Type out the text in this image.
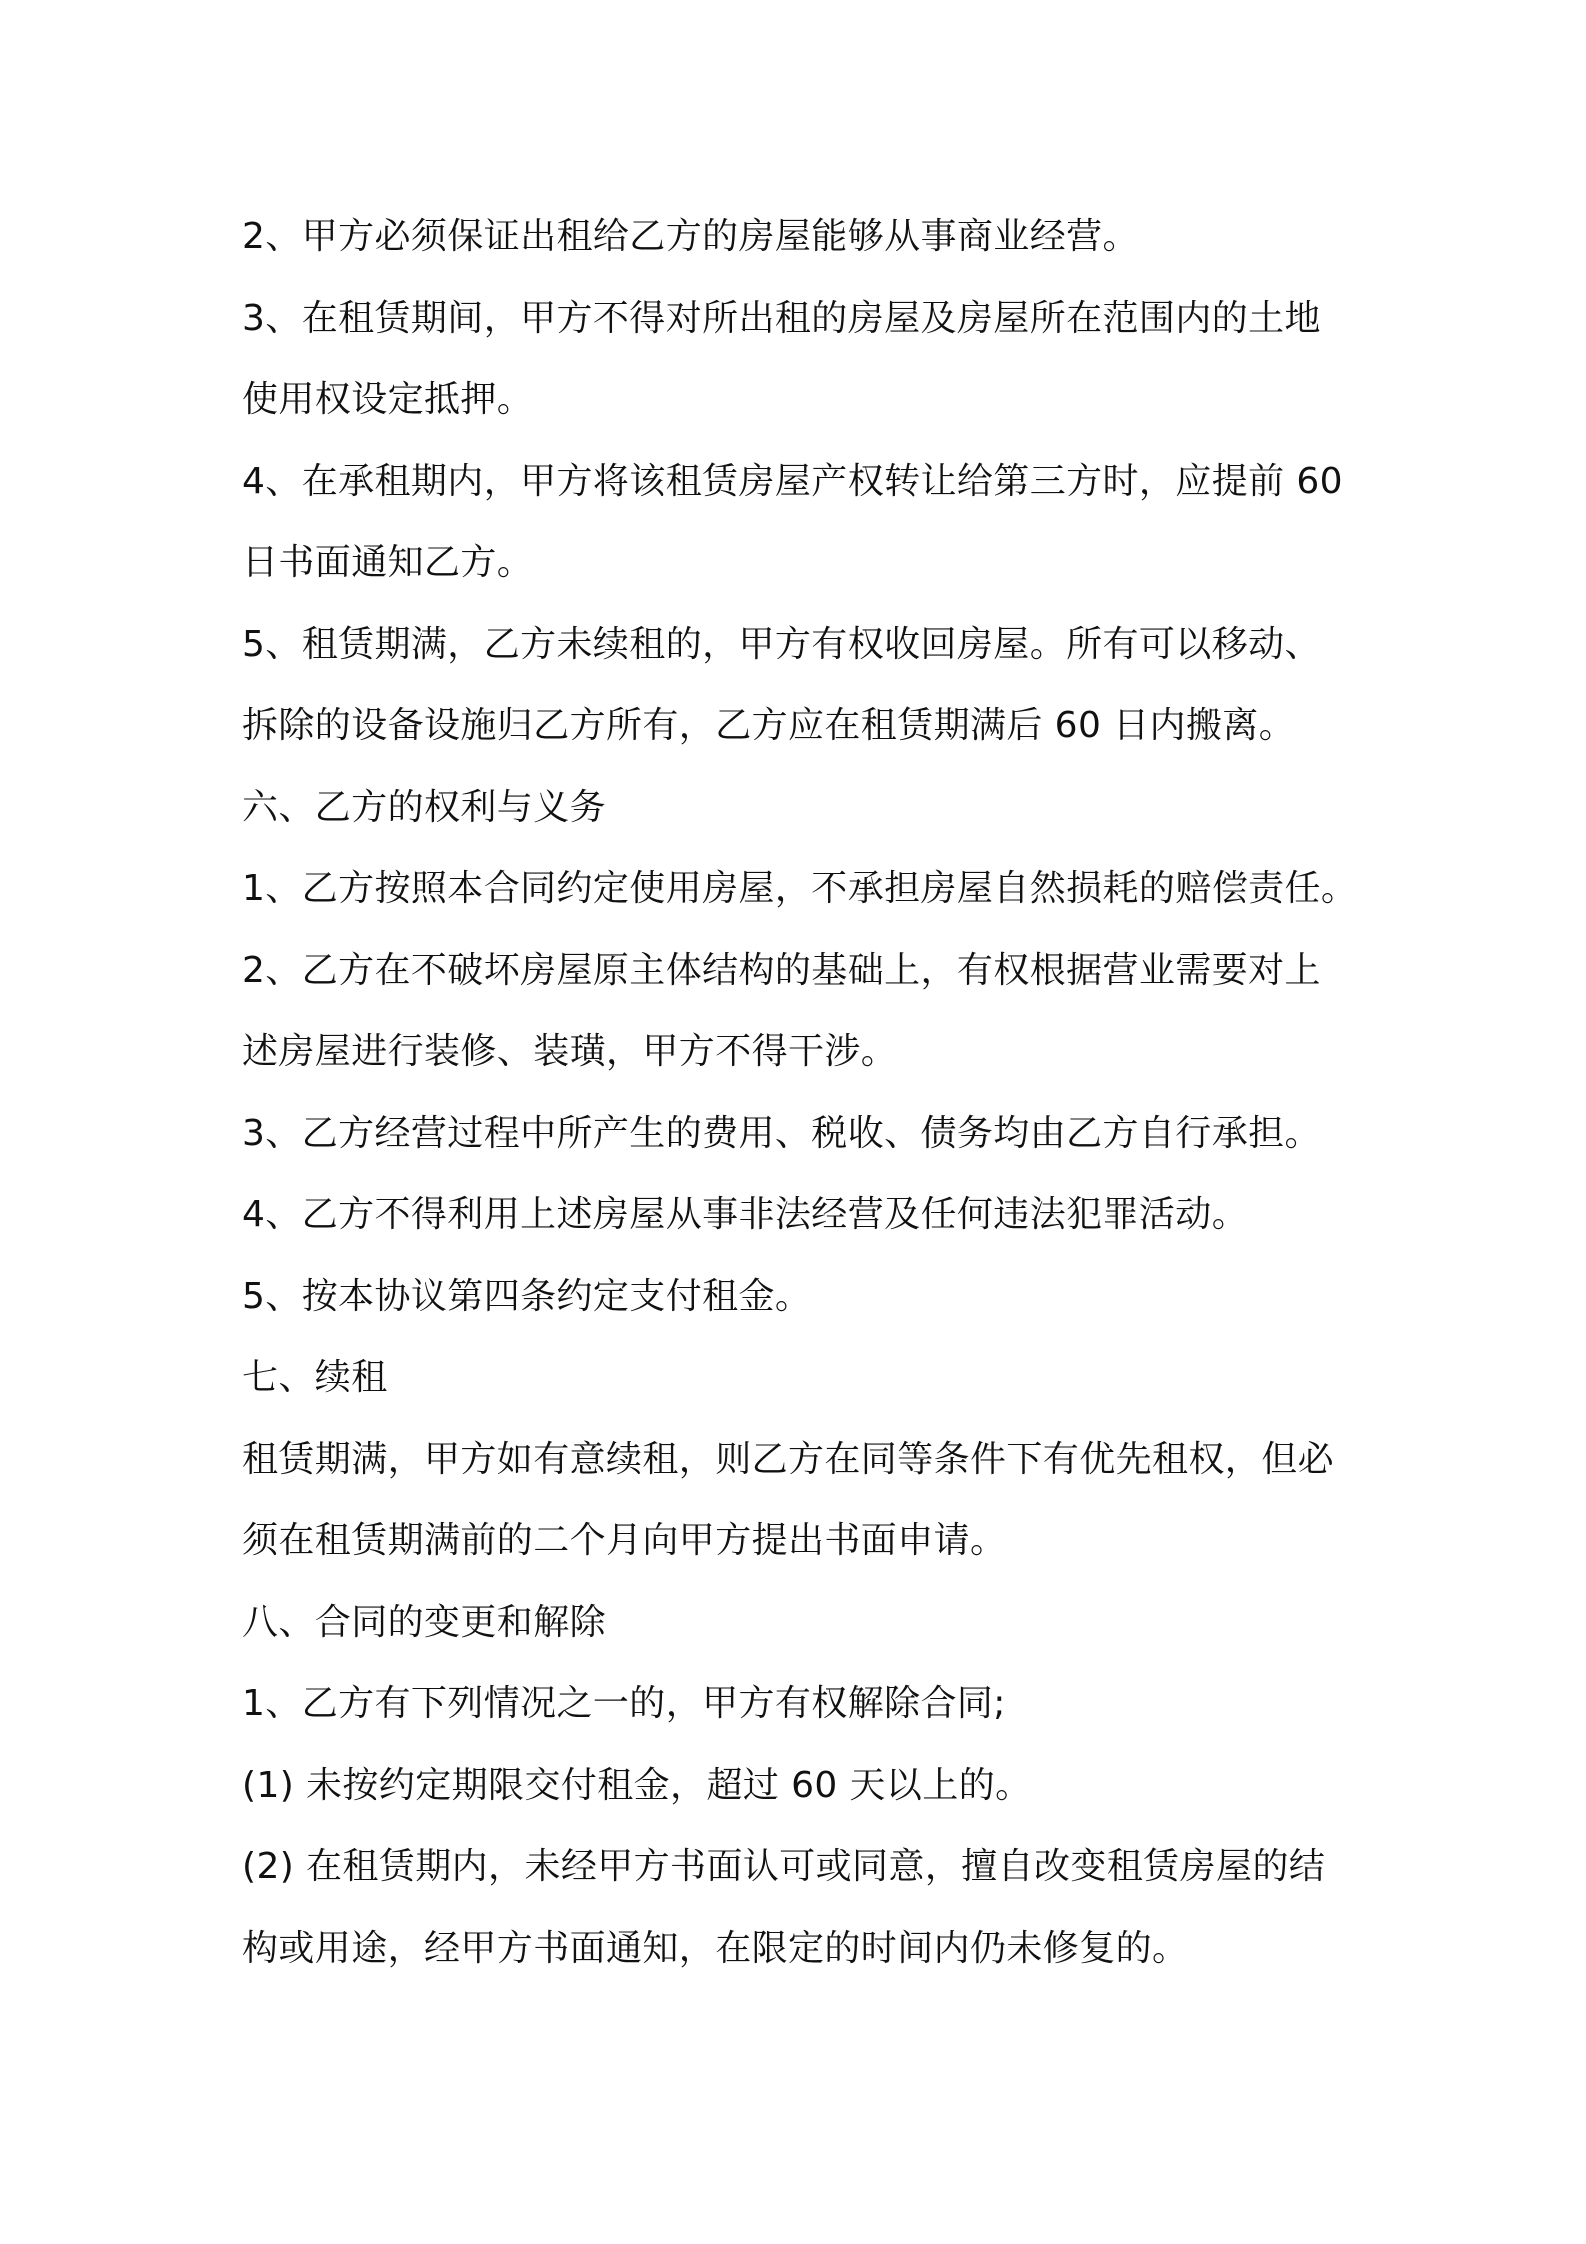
2、甲方必须保证出租给乙方的房屋能够从事商业经营。
3、在租赁期间，甲方不得对所出租的房屋及房屋所在范围内的土地
使用权设定抵押。
4、在承租期内，甲方将该租赁房屋产权转让给第三方时，应提前 60
日书面通知乙方。
5、租赁期满，乙方未续租的，甲方有权收回房屋。所有可以移动、
拆除的设备设施归乙方所有，乙方应在租赁期满后 60 日内搬离。
六、乙方的权利与义务
1、乙方按照本合同约定使用房屋，不承担房屋自然损耗的赔偿责任。
2、乙方在不破坏房屋原主体结构的基础上，有权根据营业需要对上
述房屋进行装修、装璜，甲方不得干涉。
3、乙方经营过程中所产生的费用、税收、债务均由乙方自行承担。
4、乙方不得利用上述房屋从事非法经营及任何违法犯罪活动。
5、按本协议第四条约定支付租金。
七、续租
租赁期满，甲方如有意续租，则乙方在同等条件下有优先租权，但必
须在租赁期满前的二个月向甲方提出书面申请。
八、合同的变更和解除
1、乙方有下列情况之一的，甲方有权解除合同;
(1) 未按约定期限交付租金，超过 60 天以上的。
(2) 在租赁期内，未经甲方书面认可或同意，擅自改变租赁房屋的结
构或用途，经甲方书面通知，在限定的时间内仍未修复的。
